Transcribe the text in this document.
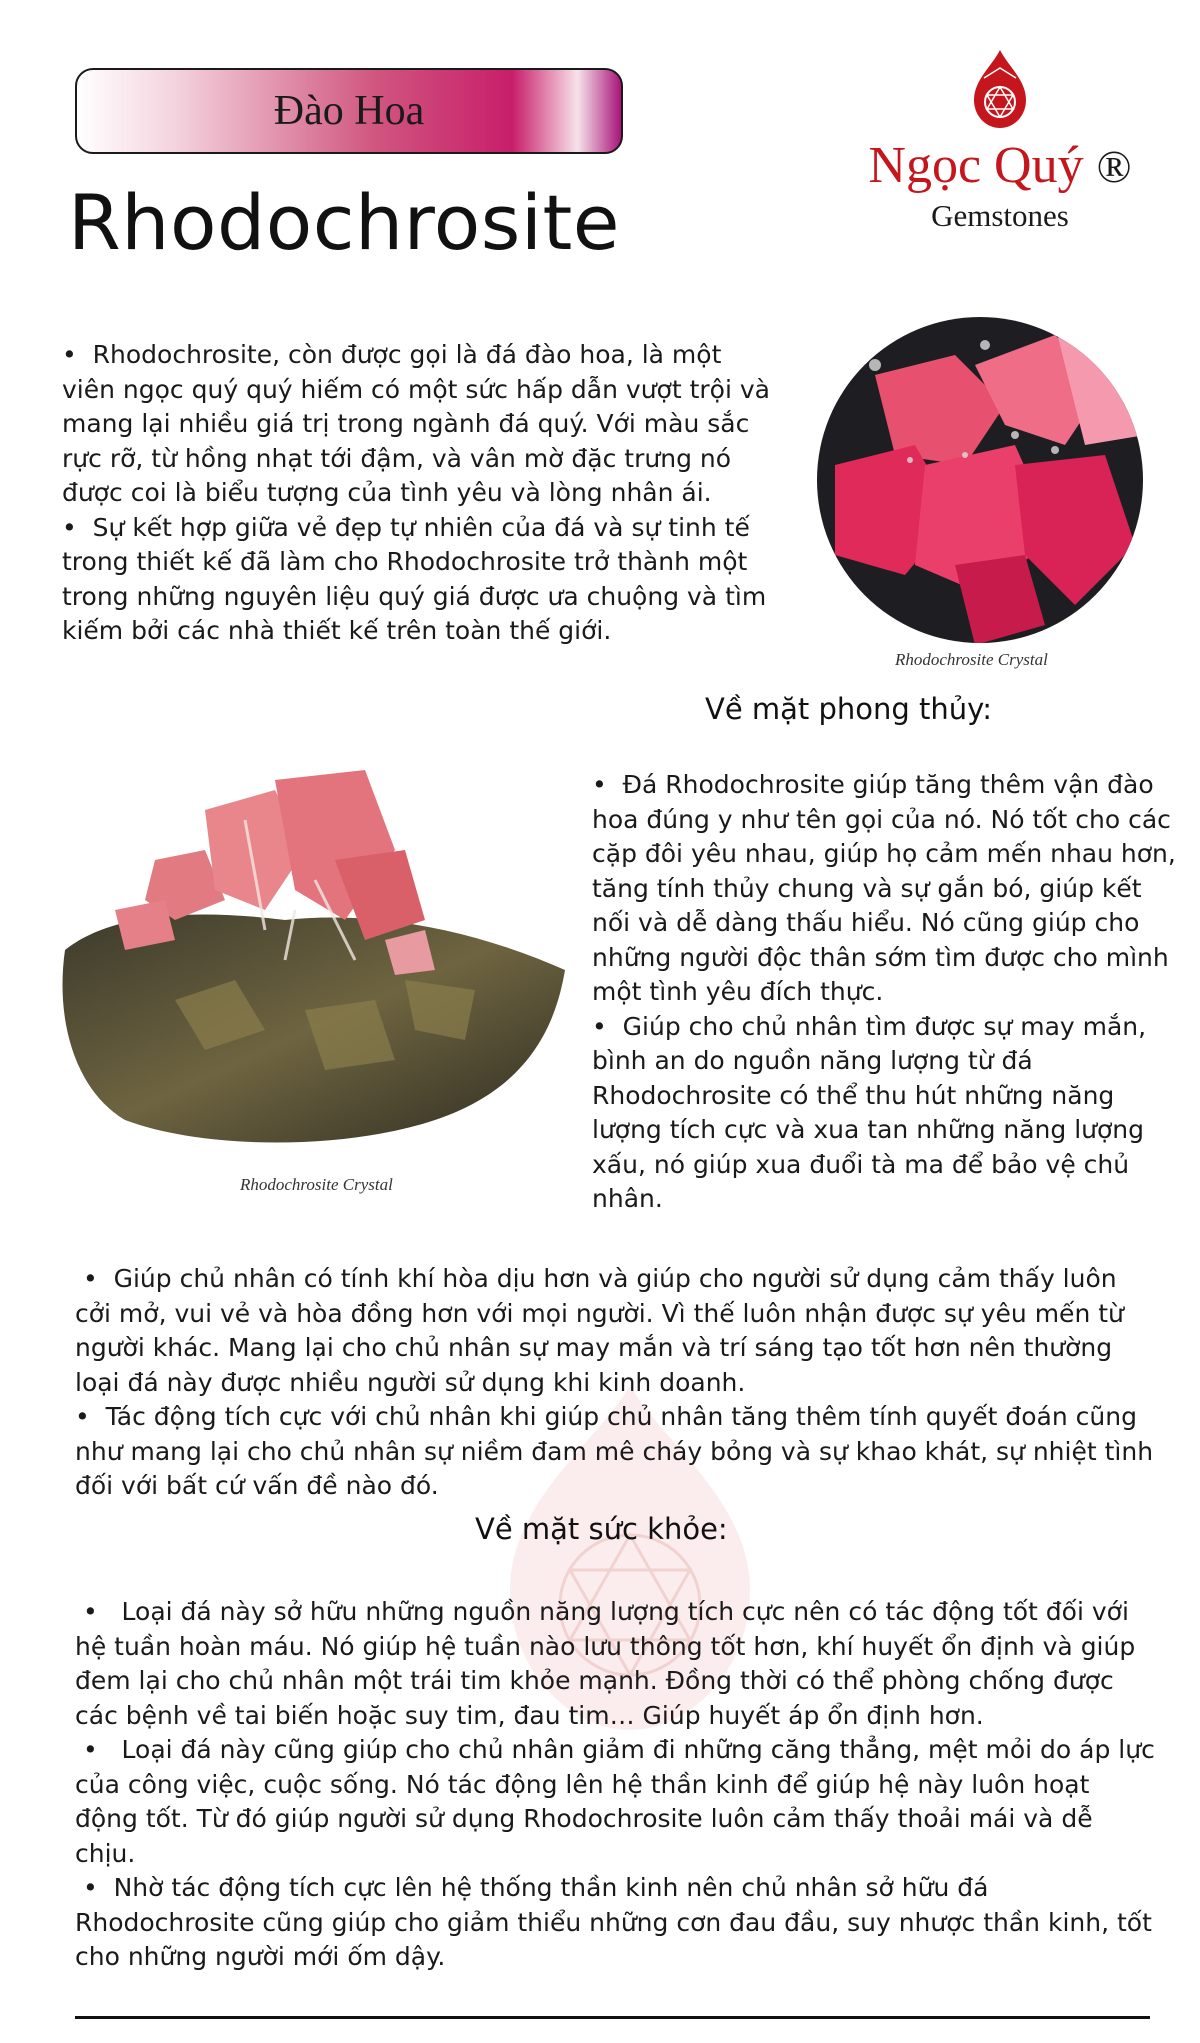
Đào Hoa
Rhodochrosite
Ngọc Quý ®
Gemstones

• Rhodochrosite, còn được gọi là đá đào hoa, là một viên ngọc quý quý hiếm có một sức hấp dẫn vượt trội và mang lại nhiều giá trị trong ngành đá quý. Với màu sắc rực rỡ, từ hồng nhạt tới đậm, và vân mờ đặc trưng nó được coi là biểu tượng của tình yêu và lòng nhân ái.

• Sự kết hợp giữa vẻ đẹp tự nhiên của đá và sự tinh tế trong thiết kế đã làm cho Rhodochrosite trở thành một trong những nguyên liệu quý giá được ưa chuộng và tìm kiếm bởi các nhà thiết kế trên toàn thế giới.

Rhodochrosite Crystal
Về mặt phong thủy:
Rhodochrosite Crystal

• Đá Rhodochrosite giúp tăng thêm vận đào hoa đúng y như tên gọi của nó. Nó tốt cho các cặp đôi yêu nhau, giúp họ cảm mến nhau hơn, tăng tính thủy chung và sự gắn bó, giúp kết nối và dễ dàng thấu hiểu. Nó cũng giúp cho những người độc thân sớm tìm được cho mình một tình yêu đích thực.

• Giúp cho chủ nhân tìm được sự may mắn, bình an do nguồn năng lượng từ đá Rhodochrosite có thể thu hút những năng lượng tích cực và xua tan những năng lượng xấu, nó giúp xua đuổi tà ma để bảo vệ chủ nhân.

• Giúp chủ nhân có tính khí hòa dịu hơn và giúp cho người sử dụng cảm thấy luôn cởi mở, vui vẻ và hòa đồng hơn với mọi người. Vì thế luôn nhận được sự yêu mến từ người khác. Mang lại cho chủ nhân sự may mắn và trí sáng tạo tốt hơn nên thường loại đá này được nhiều người sử dụng khi kinh doanh.

• Tác động tích cực với chủ nhân khi giúp chủ nhân tăng thêm tính quyết đoán cũng như mang lại cho chủ nhân sự niềm đam mê cháy bỏng và sự khao khát, sự nhiệt tình đối với bất cứ vấn đề nào đó.

Về mặt sức khỏe:

• Loại đá này sở hữu những nguồn năng lượng tích cực nên có tác động tốt đối với hệ tuần hoàn máu. Nó giúp hệ tuần nào lưu thông tốt hơn, khí huyết ổn định và giúp đem lại cho chủ nhân một trái tim khỏe mạnh. Đồng thời có thể phòng chống được các bệnh về tai biến hoặc suy tim, đau tim… Giúp huyết áp ổn định hơn.

• Loại đá này cũng giúp cho chủ nhân giảm đi những căng thẳng, mệt mỏi do áp lực của công việc, cuộc sống. Nó tác động lên hệ thần kinh để giúp hệ này luôn hoạt động tốt. Từ đó giúp người sử dụng Rhodochrosite luôn cảm thấy thoải mái và dễ chịu.

• Nhờ tác động tích cực lên hệ thống thần kinh nên chủ nhân sở hữu đá Rhodochrosite cũng giúp cho giảm thiểu những cơn đau đầu, suy nhược thần kinh, tốt cho những người mới ốm dậy.
